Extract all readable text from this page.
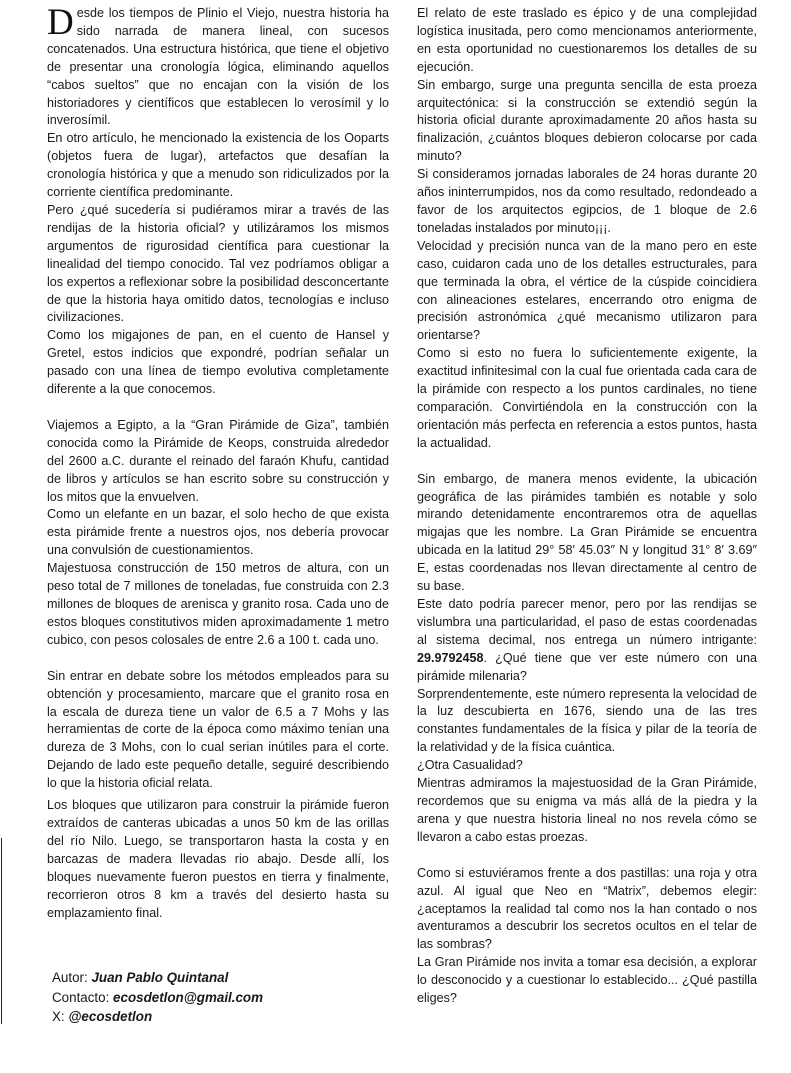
Desde los tiempos de Plinio el Viejo, nuestra historia ha sido narrada de manera lineal, con sucesos concatenados. Una estructura histórica, que tiene el objetivo de presentar una cronología lógica, eliminando aquellos “cabos sueltos” que no encajan con la visión de los historiadores y científicos que establecen lo verosímil y lo inverosímil.

En otro artículo, he mencionado la existencia de los Ooparts (objetos fuera de lugar), artefactos que desafían la cronología histórica y que a menudo son ridiculizados por la corriente científica predominante.

Pero ¿qué sucedería si pudiéramos mirar a través de las rendijas de la historia oficial? y utilizáramos los mismos argumentos de rigurosidad científica para cuestionar la linealidad del tiempo conocido. Tal vez podríamos obligar a los expertos a reflexionar sobre la posibilidad desconcertante de que la historia haya omitido datos, tecnologías e incluso civilizaciones.

Como los migajones de pan, en el cuento de Hansel y Gretel, estos indicios que expondré, podrían señalar un pasado con una línea de tiempo evolutiva completamente diferente a la que conocemos.

Viajemos a Egipto, a la “Gran Pirámide de Giza”, también conocida como la Pirámide de Keops, construida alrededor del 2600 a.C. durante el reinado del faraón Khufu, cantidad de libros y artículos se han escrito sobre su construcción y los mitos que la envuelven.

Como un elefante en un bazar, el solo hecho de que exista esta pirámide frente a nuestros ojos, nos debería provocar una convulsión de cuestionamientos.

Majestuosa construcción de 150 metros de altura, con un peso total de 7 millones de toneladas, fue construida con 2.3 millones de bloques de arenisca y granito rosa. Cada uno de estos bloques constitutivos miden aproximadamente 1 metro cubico, con pesos colosales de entre 2.6 a 100 t. cada uno.

Sin entrar en debate sobre los métodos empleados para su obtención y procesamiento, marcare que el granito rosa en la escala de dureza tiene un valor de 6.5 a 7 Mohs y las herramientas de corte de la época como máximo tenían una dureza de 3 Mohs, con lo cual serian inútiles para el corte. Dejando de lado este pequeño detalle, seguiré describiendo lo que la historia oficial relata.

Los bloques que utilizaron para construir la pirámide fueron extraídos de canteras ubicadas a unos 50 km de las orillas del río Nilo. Luego, se transportaron hasta la costa y en barcazas de madera llevadas rio abajo. Desde allí, los bloques nuevamente fueron puestos en tierra y finalmente, recorrieron otros 8 km a través del desierto hasta su emplazamiento final.

El relato de este traslado es épico y de una complejidad logística inusitada, pero como mencionamos anteriormente, en esta oportunidad no cuestionaremos los detalles de su ejecución.

Sin embargo, surge una pregunta sencilla de esta proeza arquitectónica: si la construcción se extendió según la historia oficial durante aproximadamente 20 años hasta su finalización, ¿cuántos bloques debieron colocarse por cada minuto?

Si consideramos jornadas laborales de 24 horas durante 20 años ininterrumpidos, nos da como resultado, redondeado a favor de los arquitectos egipcios, de 1 bloque de 2.6 toneladas instalados por minuto¡¡¡.

Velocidad y precisión nunca van de la mano pero en este caso, cuidaron cada uno de los detalles estructurales, para que terminada la obra, el vértice de la cúspide coincidiera con alineaciones estelares, encerrando otro enigma de precisión astronómica ¿qué mecanismo utilizaron para orientarse?

Como si esto no fuera lo suficientemente exigente, la exactitud infinitesimal con la cual fue orientada cada cara de la pirámide con respecto a los puntos cardinales, no tiene comparación. Convirtiéndola en la construcción con la orientación más perfecta en referencia a estos puntos, hasta la actualidad.

Sin embargo, de manera menos evidente, la ubicación geográfica de las pirámides también es notable y solo mirando detenidamente encontraremos otra de aquellas migajas que les nombre. La Gran Pirámide se encuentra ubicada en la latitud 29° 58′ 45.03″ N y longitud 31° 8′ 3.69″ E, estas coordenadas nos llevan directamente al centro de su base.

Este dato podría parecer menor, pero por las rendijas se vislumbra una particularidad, el paso de estas coordenadas al sistema decimal, nos entrega un número intrigante: 29.9792458. ¿Qué tiene que ver este número con una pirámide milenaria?

Sorprendentemente, este número representa la velocidad de la luz descubierta en 1676, siendo una de las tres constantes fundamentales de la física y pilar de la teoría de la relatividad y de la física cuántica.

¿Otra Casualidad?

Mientras admiramos la majestuosidad de la Gran Pirámide, recordemos que su enigma va más allá de la piedra y la arena y que nuestra historia lineal no nos revela cómo se llevaron a cabo estas proezas.

Como si estuviéramos frente a dos pastillas: una roja y otra azul. Al igual que Neo en “Matrix”, debemos elegir: ¿aceptamos la realidad tal como nos la han contado o nos aventuramos a descubrir los secretos ocultos en el telar de las sombras?

La Gran Pirámide nos invita a tomar esa decisión, a explorar lo desconocido y a cuestionar lo establecido... ¿Qué pastilla eliges?

Autor: Juan Pablo Quintanal
Contacto: ecosdetlon@gmail.com
X: @ecosdetlon
